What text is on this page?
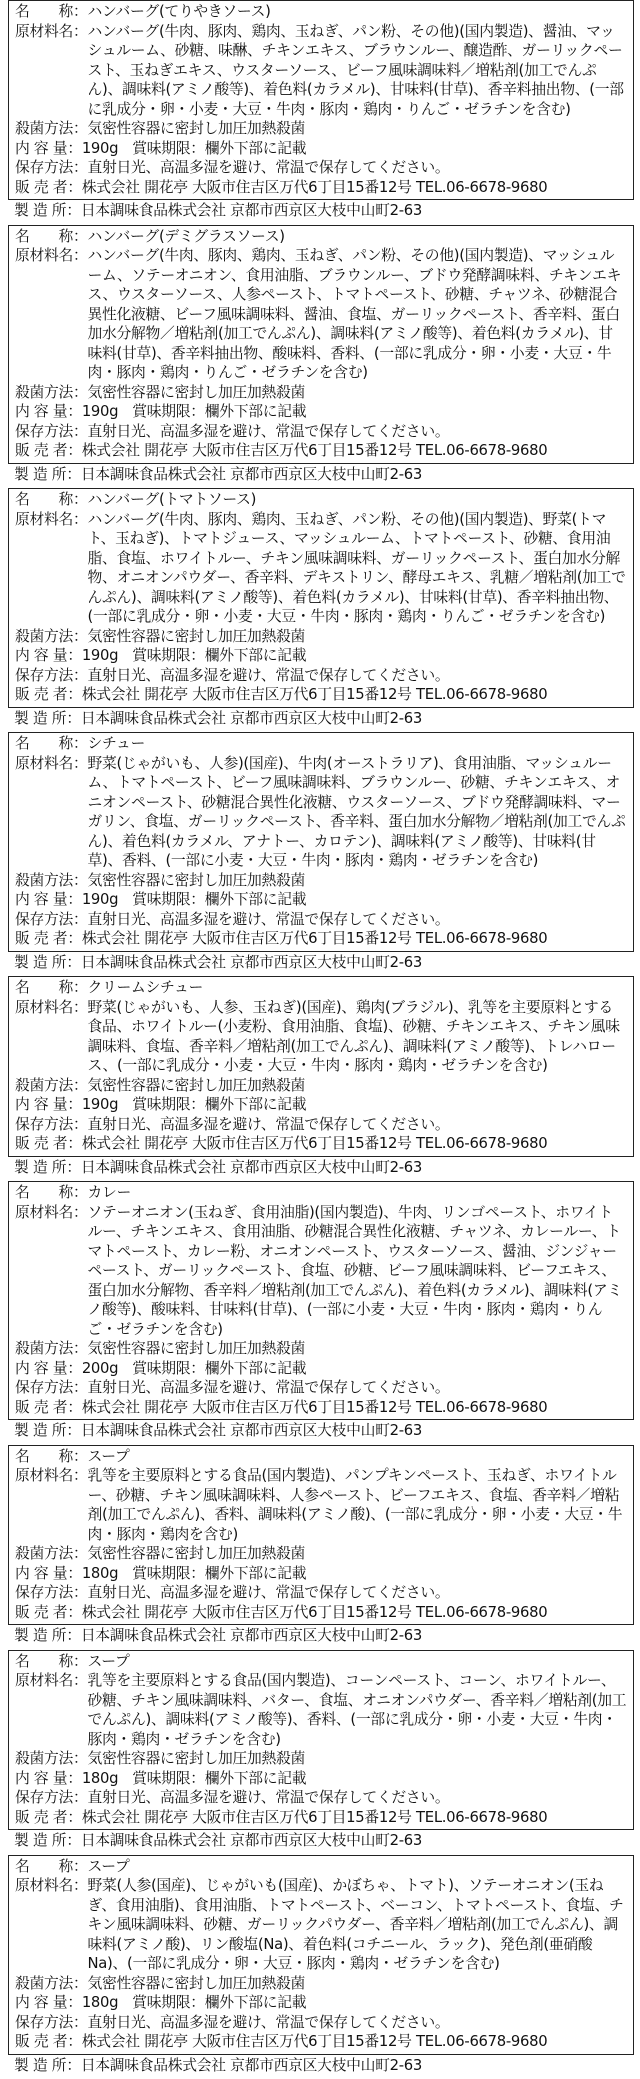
名　　称 ： ハンバーグ(てりやきソース)
原材料名 ： ハンバーグ(牛肉、豚肉、鶏肉、玉ねぎ、パン粉、その他)(国内製造)、醤油、マッシュルーム、砂糖、味醂、チキンエキス、ブラウンルー、醸造酢、ガーリックペースト、玉ねぎエキス、ウスターソース、ビーフ風味調味料／増粘剤(加工でんぷん)、調味料(アミノ酸等)、着色料(カラメル)、甘味料(甘草)、香辛料抽出物、(一部に乳成分・卵・小麦・大豆・牛肉・豚肉・鶏肉・りんご・ゼラチンを含む)
殺菌方法 ： 気密性容器に密封し加圧加熱殺菌
内 容 量 ： 190g 賞味期限：欄外下部に記載
保存方法 ： 直射日光、高温多湿を避け、常温で保存してください。
販 売 者 ： 株式会社 開花亭 大阪市住吉区万代6丁目15番12号 TEL.06-6678-9680
製 造 所 ： 日本調味食品株式会社 京都市西京区大枝中山町2-63
名　　称 ： ハンバーグ(デミグラスソース)
原材料名 ： ハンバーグ(牛肉、豚肉、鶏肉、玉ねぎ、パン粉、その他)(国内製造)、マッシュルーム、ソテーオニオン、食用油脂、ブラウンルー、ブドウ発酵調味料、チキンエキス、ウスターソース、人参ペースト、トマトペースト、砂糖、チャツネ、砂糖混合異性化液糖、ビーフ風味調味料、醤油、食塩、ガーリックペースト、香辛料、蛋白加水分解物／増粘剤(加工でんぷん)、調味料(アミノ酸等)、着色料(カラメル)、甘味料(甘草)、香辛料抽出物、酸味料、香料、(一部に乳成分・卵・小麦・大豆・牛肉・豚肉・鶏肉・りんご・ゼラチンを含む)
殺菌方法 ： 気密性容器に密封し加圧加熱殺菌
内 容 量 ： 190g 賞味期限：欄外下部に記載
保存方法 ： 直射日光、高温多湿を避け、常温で保存してください。
販 売 者 ： 株式会社 開花亭 大阪市住吉区万代6丁目15番12号 TEL.06-6678-9680
製 造 所 ： 日本調味食品株式会社 京都市西京区大枝中山町2-63
名　　称 ： ハンバーグ(トマトソース)
原材料名 ： ハンバーグ(牛肉、豚肉、鶏肉、玉ねぎ、パン粉、その他)(国内製造)、野菜(トマト、玉ねぎ)、トマトジュース、マッシュルーム、トマトペースト、砂糖、食用油脂、食塩、ホワイトルー、チキン風味調味料、ガーリックペースト、蛋白加水分解物、オニオンパウダー、香辛料、デキストリン、酵母エキス、乳糖／増粘剤(加工でんぷん)、調味料(アミノ酸等)、着色料(カラメル)、甘味料(甘草)、香辛料抽出物、(一部に乳成分・卵・小麦・大豆・牛肉・豚肉・鶏肉・りんご・ゼラチンを含む)
殺菌方法 ： 気密性容器に密封し加圧加熱殺菌
内 容 量 ： 190g 賞味期限：欄外下部に記載
保存方法 ： 直射日光、高温多湿を避け、常温で保存してください。
販 売 者 ： 株式会社 開花亭 大阪市住吉区万代6丁目15番12号 TEL.06-6678-9680
製 造 所 ： 日本調味食品株式会社 京都市西京区大枝中山町2-63
名　　称 ： シチュー
原材料名 ： 野菜(じゃがいも、人参)(国産)、牛肉(オーストラリア)、食用油脂、マッシュルーム、トマトペースト、ビーフ風味調味料、ブラウンルー、砂糖、チキンエキス、オニオンペースト、砂糖混合異性化液糖、ウスターソース、ブドウ発酵調味料、マーガリン、食塩、ガーリックペースト、香辛料、蛋白加水分解物／増粘剤(加工でんぷん)、着色料(カラメル、アナトー、カロテン)、調味料(アミノ酸等)、甘味料(甘草)、香料、(一部に小麦・大豆・牛肉・豚肉・鶏肉・ゼラチンを含む)
殺菌方法 ： 気密性容器に密封し加圧加熱殺菌
内 容 量 ： 190g 賞味期限：欄外下部に記載
保存方法 ： 直射日光、高温多湿を避け、常温で保存してください。
販 売 者 ： 株式会社 開花亭 大阪市住吉区万代6丁目15番12号 TEL.06-6678-9680
製 造 所 ： 日本調味食品株式会社 京都市西京区大枝中山町2-63
名　　称 ： クリームシチュー
原材料名 ： 野菜(じゃがいも、人参、玉ねぎ)(国産)、鶏肉(ブラジル)、乳等を主要原料とする食品、ホワイトルー(小麦粉、食用油脂、食塩)、砂糖、チキンエキス、チキン風味調味料、食塩、香辛料／増粘剤(加工でんぷん)、調味料(アミノ酸等)、トレハロース、(一部に乳成分・小麦・大豆・牛肉・豚肉・鶏肉・ゼラチンを含む)
殺菌方法 ： 気密性容器に密封し加圧加熱殺菌
内 容 量 ： 190g 賞味期限：欄外下部に記載
保存方法 ： 直射日光、高温多湿を避け、常温で保存してください。
販 売 者 ： 株式会社 開花亭 大阪市住吉区万代6丁目15番12号 TEL.06-6678-9680
製 造 所 ： 日本調味食品株式会社 京都市西京区大枝中山町2-63
名　　称 ： カレー
原材料名 ： ソテーオニオン(玉ねぎ、食用油脂)(国内製造)、牛肉、リンゴペースト、ホワイトルー、チキンエキス、食用油脂、砂糖混合異性化液糖、チャツネ、カレールー、トマトペースト、カレー粉、オニオンペースト、ウスターソース、醤油、ジンジャーペースト、ガーリックペースト、食塩、砂糖、ビーフ風味調味料、ビーフエキス、蛋白加水分解物、香辛料／増粘剤(加工でんぷん)、着色料(カラメル)、調味料(アミノ酸等)、酸味料、甘味料(甘草)、(一部に小麦・大豆・牛肉・豚肉・鶏肉・りんご・ゼラチンを含む)
殺菌方法 ： 気密性容器に密封し加圧加熱殺菌
内 容 量 ： 200g 賞味期限：欄外下部に記載
保存方法 ： 直射日光、高温多湿を避け、常温で保存してください。
販 売 者 ： 株式会社 開花亭 大阪市住吉区万代6丁目15番12号 TEL.06-6678-9680
製 造 所 ： 日本調味食品株式会社 京都市西京区大枝中山町2-63
名　　称 ： スープ
原材料名 ： 乳等を主要原料とする食品(国内製造)、パンプキンペースト、玉ねぎ、ホワイトルー、砂糖、チキン風味調味料、人参ペースト、ビーフエキス、食塩、香辛料／増粘剤(加工でんぷん)、香料、調味料(アミノ酸)、(一部に乳成分・卵・小麦・大豆・牛肉・豚肉・鶏肉を含む)
殺菌方法 ： 気密性容器に密封し加圧加熱殺菌
内 容 量 ： 180g 賞味期限：欄外下部に記載
保存方法 ： 直射日光、高温多湿を避け、常温で保存してください。
販 売 者 ： 株式会社 開花亭 大阪市住吉区万代6丁目15番12号 TEL.06-6678-9680
製 造 所 ： 日本調味食品株式会社 京都市西京区大枝中山町2-63
名　　称 ： スープ
原材料名 ： 乳等を主要原料とする食品(国内製造)、コーンペースト、コーン、ホワイトルー、砂糖、チキン風味調味料、バター、食塩、オニオンパウダー、香辛料／増粘剤(加工でんぷん)、調味料(アミノ酸等)、香料、(一部に乳成分・卵・小麦・大豆・牛肉・豚肉・鶏肉・ゼラチンを含む)
殺菌方法 ： 気密性容器に密封し加圧加熱殺菌
内 容 量 ： 180g 賞味期限：欄外下部に記載
保存方法 ： 直射日光、高温多湿を避け、常温で保存してください。
販 売 者 ： 株式会社 開花亭 大阪市住吉区万代6丁目15番12号 TEL.06-6678-9680
製 造 所 ： 日本調味食品株式会社 京都市西京区大枝中山町2-63
名　　称 ： スープ
原材料名 ： 野菜(人参(国産)、じゃがいも(国産)、かぼちゃ、トマト)、ソテーオニオン(玉ねぎ、食用油脂)、食用油脂、トマトペースト、ベーコン、トマトペースト、食塩、チキン風味調味料、砂糖、ガーリックパウダー、香辛料／増粘剤(加工でんぷん)、調味料(アミノ酸)、リン酸塩(Na)、着色料(コチニール、ラック)、発色剤(亜硝酸Na)、(一部に乳成分・卵・大豆・豚肉・鶏肉・ゼラチンを含む)
殺菌方法 ： 気密性容器に密封し加圧加熱殺菌
内 容 量 ： 180g 賞味期限：欄外下部に記載
保存方法 ： 直射日光、高温多湿を避け、常温で保存してください。
販 売 者 ： 株式会社 開花亭 大阪市住吉区万代6丁目15番12号 TEL.06-6678-9680
製 造 所 ： 日本調味食品株式会社 京都市西京区大枝中山町2-63
